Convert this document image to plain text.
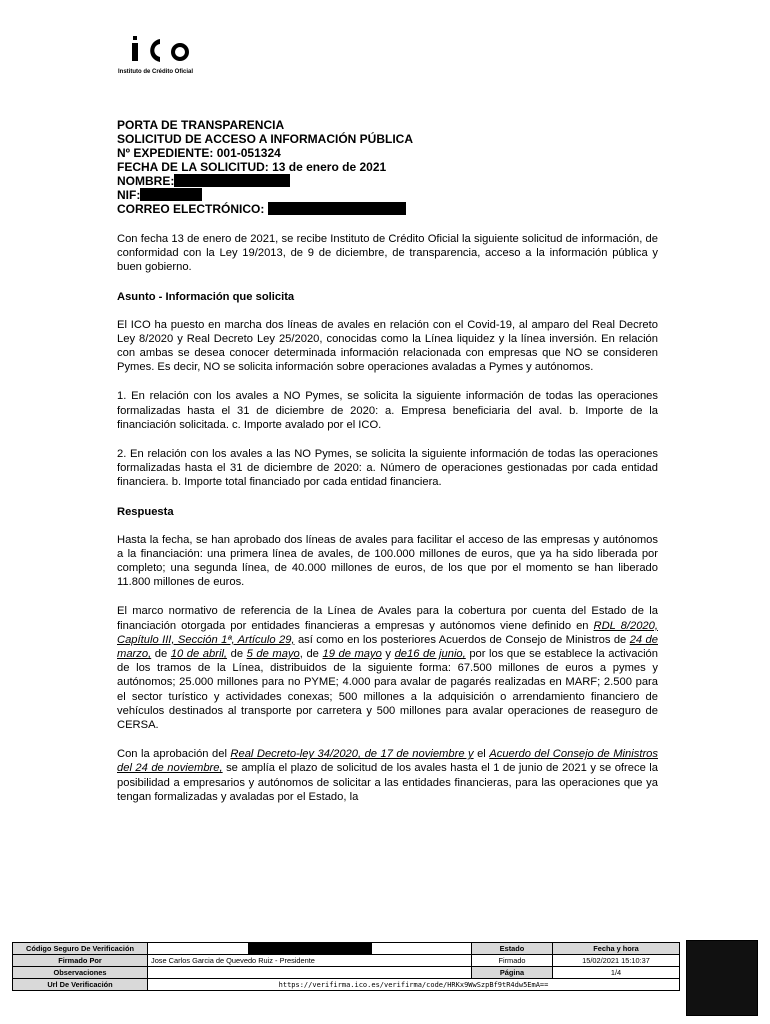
Instituto de Crédito Oficial
PORTA DE TRANSPARENCIA
SOLICITUD DE ACCESO A INFORMACIÓN PÚBLICA
Nº EXPEDIENTE: 001-051324
FECHA DE LA SOLICITUD: 13 de enero de 2021
NOMBRE:
NIF:
CORREO ELECTRÓNICO:

Con fecha 13 de enero de 2021, se recibe Instituto de Crédito Oficial la siguiente solicitud de información, de conformidad con la Ley 19/2013, de 9 de diciembre, de transparencia, acceso a la información pública y buen gobierno.

Asunto - Información que solicita

El ICO ha puesto en marcha dos líneas de avales en relación con el Covid-19, al amparo del Real Decreto Ley 8/2020 y Real Decreto Ley 25/2020, conocidas como la Línea liquidez y la línea inversión. En relación con ambas se desea conocer determinada información relacionada con empresas que NO se consideren Pymes. Es decir, NO se solicita información sobre operaciones avaladas a Pymes y autónomos.

1. En relación con los avales a NO Pymes, se solicita la siguiente información de todas las operaciones formalizadas hasta el 31 de diciembre de 2020: a. Empresa beneficiaria del aval. b. Importe de la financiación solicitada. c. Importe avalado por el ICO.

2. En relación con los avales a las NO Pymes, se solicita la siguiente información de todas las operaciones formalizadas hasta el 31 de diciembre de 2020: a. Número de operaciones gestionadas por cada entidad financiera. b. Importe total financiado por cada entidad financiera.

Respuesta

Hasta la fecha, se han aprobado dos líneas de avales para facilitar el acceso de las empresas y autónomos a la financiación: una primera línea de avales, de 100.000 millones de euros, que ya ha sido liberada por completo; una segunda línea, de 40.000 millones de euros, de los que por el momento se han liberado 11.800 millones de euros.

El marco normativo de referencia de la Línea de Avales para la cobertura por cuenta del Estado de la financiación otorgada por entidades financieras a empresas y autónomos viene definido en RDL 8/2020, Capítulo III, Sección 1ª, Artículo 29, así como en los posteriores Acuerdos de Consejo de Ministros de 24 de marzo, de 10 de abril, de 5 de mayo, de 19 de mayo y de16 de junio, por los que se establece la activación de los tramos de la Línea, distribuidos de la siguiente forma: 67.500 millones de euros a pymes y autónomos; 25.000 millones para no PYME; 4.000 para avalar de pagarés realizadas en MARF; 2.500 para el sector turístico y actividades conexas; 500 millones a la adquisición o arrendamiento financiero de vehículos destinados al transporte por carretera y 500 millones para avalar operaciones de reaseguro de CERSA.

Con la aprobación del Real Decreto-ley 34/2020, de 17 de noviembre y el Acuerdo del Consejo de Ministros del 24 de noviembre, se amplía el plazo de solicitud de los avales hasta el 1 de junio de 2021 y se ofrece la posibilidad a empresarios y autónomos de solicitar a las entidades financieras, para las operaciones que ya tengan formalizadas y avaladas por el Estado, la

Código Seguro De Verificación		Estado	Fecha y hora
Firmado Por	Jose Carlos Garcia de Quevedo Ruiz - Presidente	Firmado	15/02/2021 15:10:37
Observaciones		Página	1/4
Url De Verificación	https://verifirma.ico.es/verifirma/code/HRKx9WwSzpBf9tR4dw5EmA==		
